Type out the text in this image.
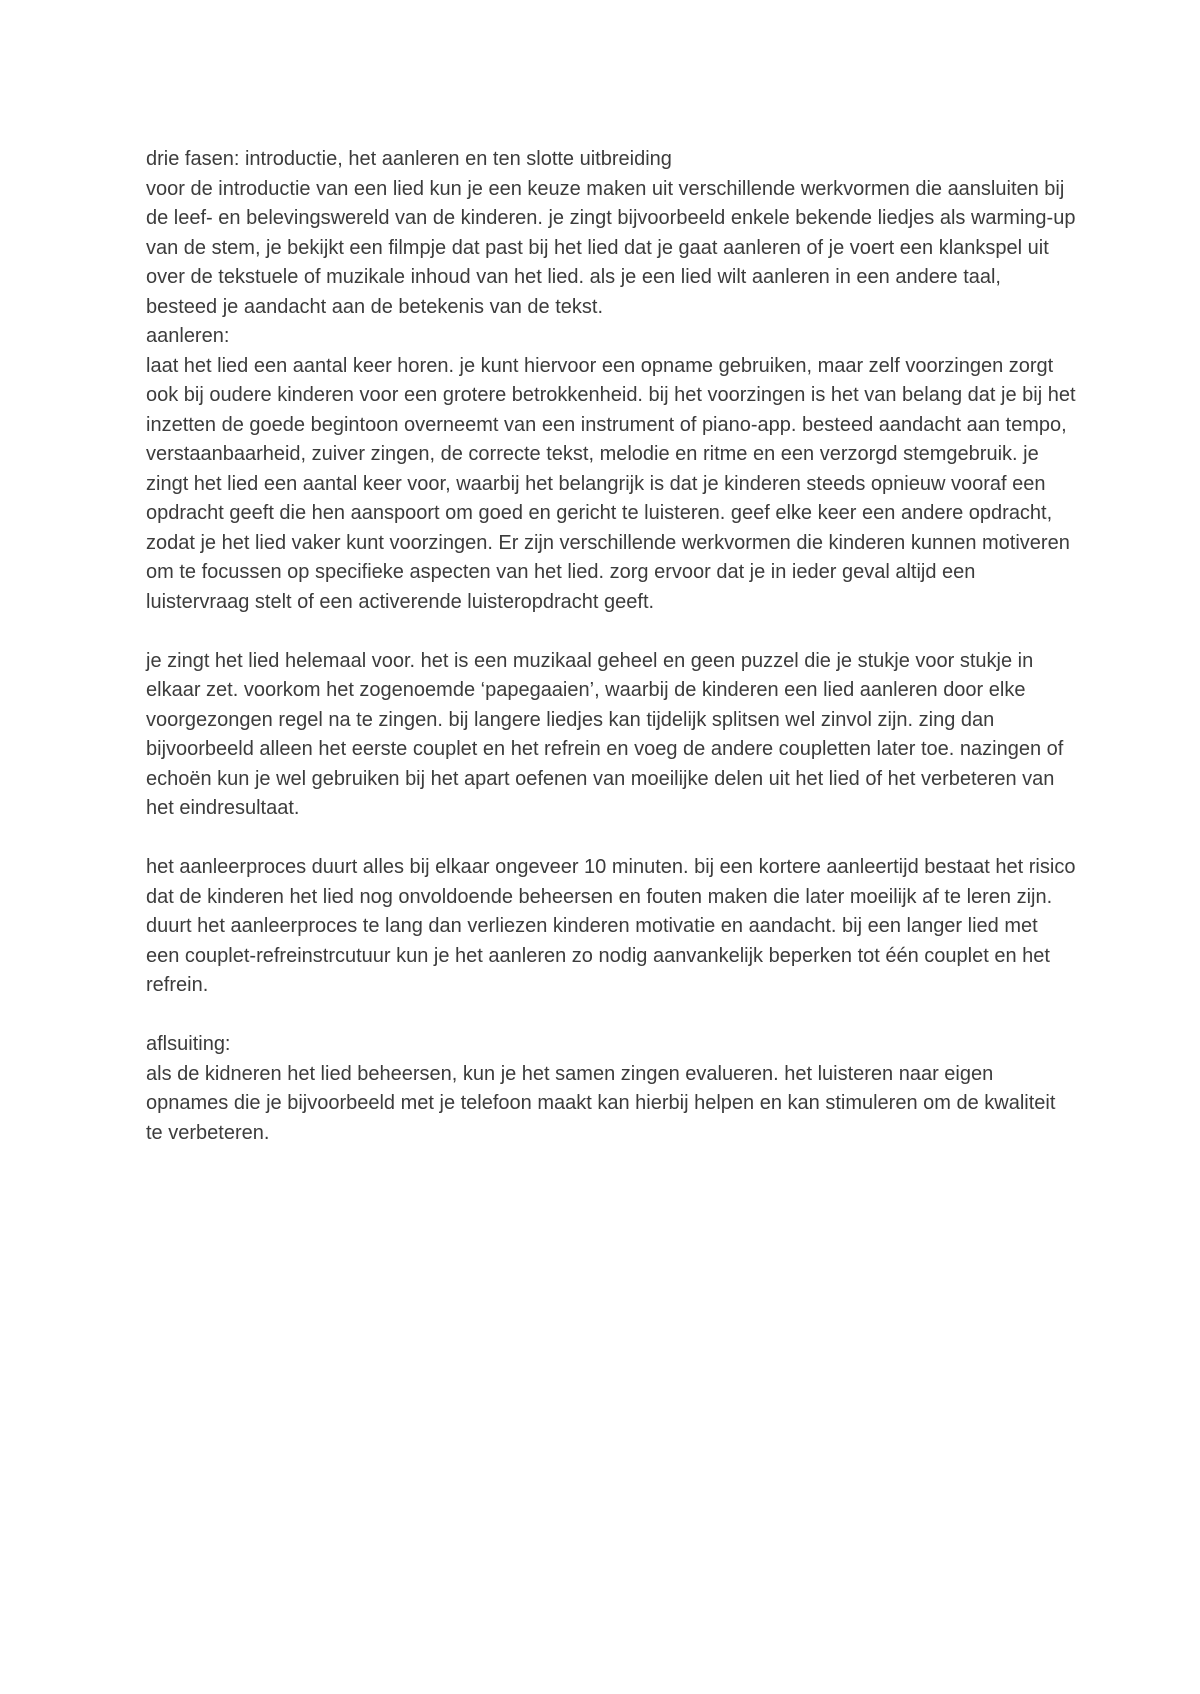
drie fasen: introductie, het aanleren en ten slotte uitbreiding

voor de introductie van een lied kun je een keuze maken uit verschillende werkvormen die aansluiten bij de leef- en belevingswereld van de kinderen. je zingt bijvoorbeeld enkele bekende liedjes als warming-up van de stem, je bekijkt een filmpje dat past bij het lied dat je gaat aanleren of je voert een klankspel uit over de tekstuele of muzikale inhoud van het lied. als je een lied wilt aanleren in een andere taal, besteed je aandacht aan de betekenis van de tekst.

aanleren:

laat het lied een aantal keer horen. je kunt hiervoor een opname gebruiken, maar zelf voorzingen zorgt ook bij oudere kinderen voor een grotere betrokkenheid. bij het voorzingen is het van belang dat je bij het inzetten de goede begintoon overneemt van een instrument of piano-app. besteed aandacht aan tempo, verstaanbaarheid, zuiver zingen, de correcte tekst, melodie en ritme en een verzorgd stemgebruik. je zingt het lied een aantal keer voor, waarbij het belangrijk is dat je kinderen steeds opnieuw vooraf een opdracht geeft die hen aanspoort om goed en gericht te luisteren. geef elke keer een andere opdracht, zodat je het lied vaker kunt voorzingen. Er zijn verschillende werkvormen die kinderen kunnen motiveren om te focussen op specifieke aspecten van het lied. zorg ervoor dat je in ieder geval altijd een luistervraag stelt of een activerende luisteropdracht geeft.

je zingt het lied helemaal voor. het is een muzikaal geheel en geen puzzel die je stukje voor stukje in elkaar zet. voorkom het zogenoemde ‘papegaaien’, waarbij de kinderen een lied aanleren door elke voorgezongen regel na te zingen. bij langere liedjes kan tijdelijk splitsen wel zinvol zijn. zing dan bijvoorbeeld alleen het eerste couplet en het refrein en voeg de andere coupletten later toe. nazingen of echoën kun je wel gebruiken bij het apart oefenen van moeilijke delen uit het lied of het verbeteren van het eindresultaat.

het aanleerproces duurt alles bij elkaar ongeveer 10 minuten. bij een kortere aanleertijd bestaat het risico dat de kinderen het lied nog onvoldoende beheersen en fouten maken die later moeilijk af te leren zijn. duurt het aanleerproces te lang dan verliezen kinderen motivatie en aandacht. bij een langer lied met een couplet-refreinstrcutuur kun je het aanleren zo nodig aanvankelijk beperken tot één couplet en het refrein.

aflsuiting:

als de kidneren het lied beheersen, kun je het samen zingen evalueren. het luisteren naar eigen opnames die je bijvoorbeeld met je telefoon maakt kan hierbij helpen en kan stimuleren om de kwaliteit te verbeteren.
